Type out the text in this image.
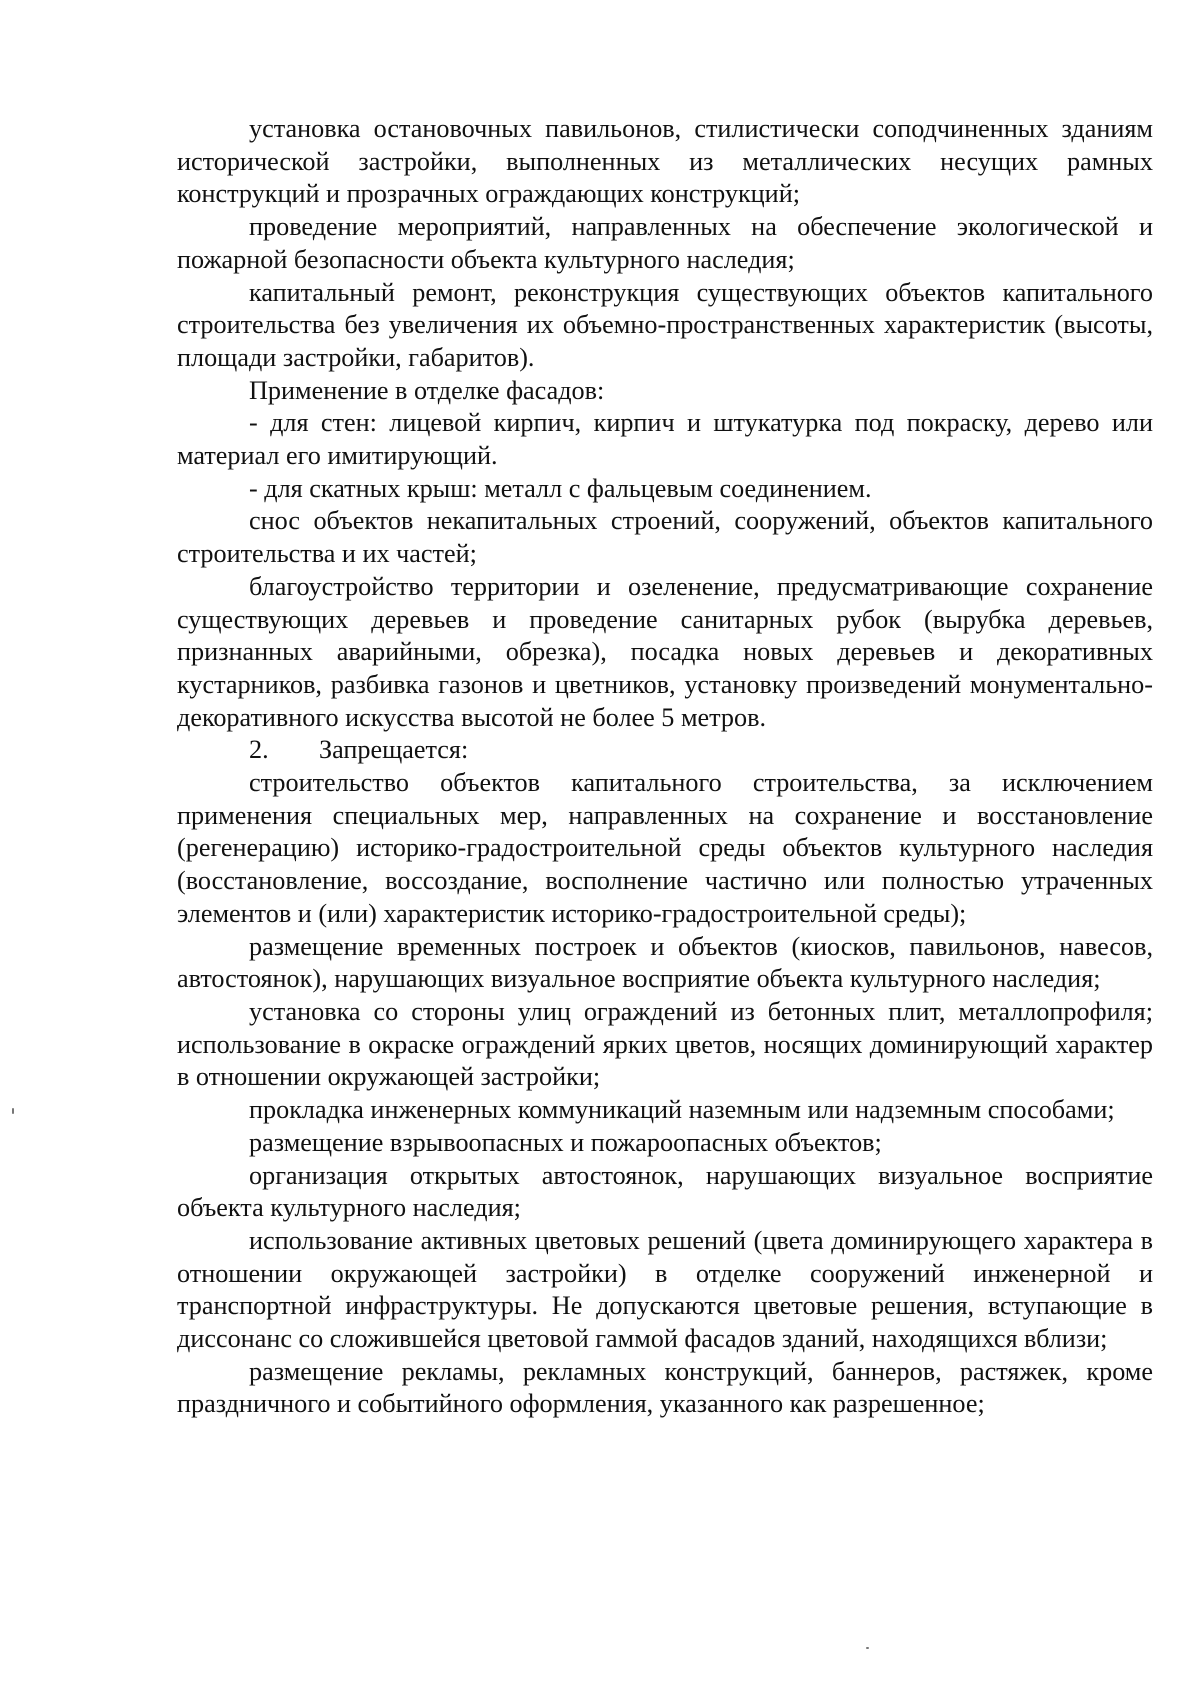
установка остановочных павильонов, стилистически соподчиненных зданиям исторической застройки, выполненных из металлических несущих рамных конструкций и прозрачных ограждающих конструкций;

проведение мероприятий, направленных на обеспечение экологической и пожарной безопасности объекта культурного наследия;

капитальный ремонт, реконструкция существующих объектов капитального строительства без увеличения их объемно-пространственных характеристик (высоты, площади застройки, габаритов).

Применение в отделке фасадов:

- для стен: лицевой кирпич, кирпич и штукатурка под покраску, дерево или материал его имитирующий.

- для скатных крыш: металл с фальцевым соединением.

снос объектов некапитальных строений, сооружений, объектов капитального строительства и их частей;

благоустройство территории и озеленение, предусматривающие сохранение существующих деревьев и проведение санитарных рубок (вырубка деревьев, признанных аварийными, обрезка), посадка новых деревьев и декоративных кустарников, разбивка газонов и цветников, установку произведений монументально-декоративного искусства высотой не более 5 метров.

2. Запрещается:

строительство объектов капитального строительства, за исключением применения специальных мер, направленных на сохранение и восстановление (регенерацию) историко-градостроительной среды объектов культурного наследия (восстановление, воссоздание, восполнение частично или полностью утраченных элементов и (или) характеристик историко-градостроительной среды);

размещение временных построек и объектов (киосков, павильонов, навесов, автостоянок), нарушающих визуальное восприятие объекта культурного наследия;

установка со стороны улиц ограждений из бетонных плит, металлопрофиля; использование в окраске ограждений ярких цветов, носящих доминирующий характер в отношении окружающей застройки;

прокладка инженерных коммуникаций наземным или надземным способами;

размещение взрывоопасных и пожароопасных объектов;

организация открытых автостоянок, нарушающих визуальное восприятие объекта культурного наследия;

использование активных цветовых решений (цвета доминирующего характера в отношении окружающей застройки) в отделке сооружений инженерной и транспортной инфраструктуры. Не допускаются цветовые решения, вступающие в диссонанс со сложившейся цветовой гаммой фасадов зданий, находящихся вблизи;

размещение рекламы, рекламных конструкций, баннеров, растяжек, кроме праздничного и событийного оформления, указанного как разрешенное;
